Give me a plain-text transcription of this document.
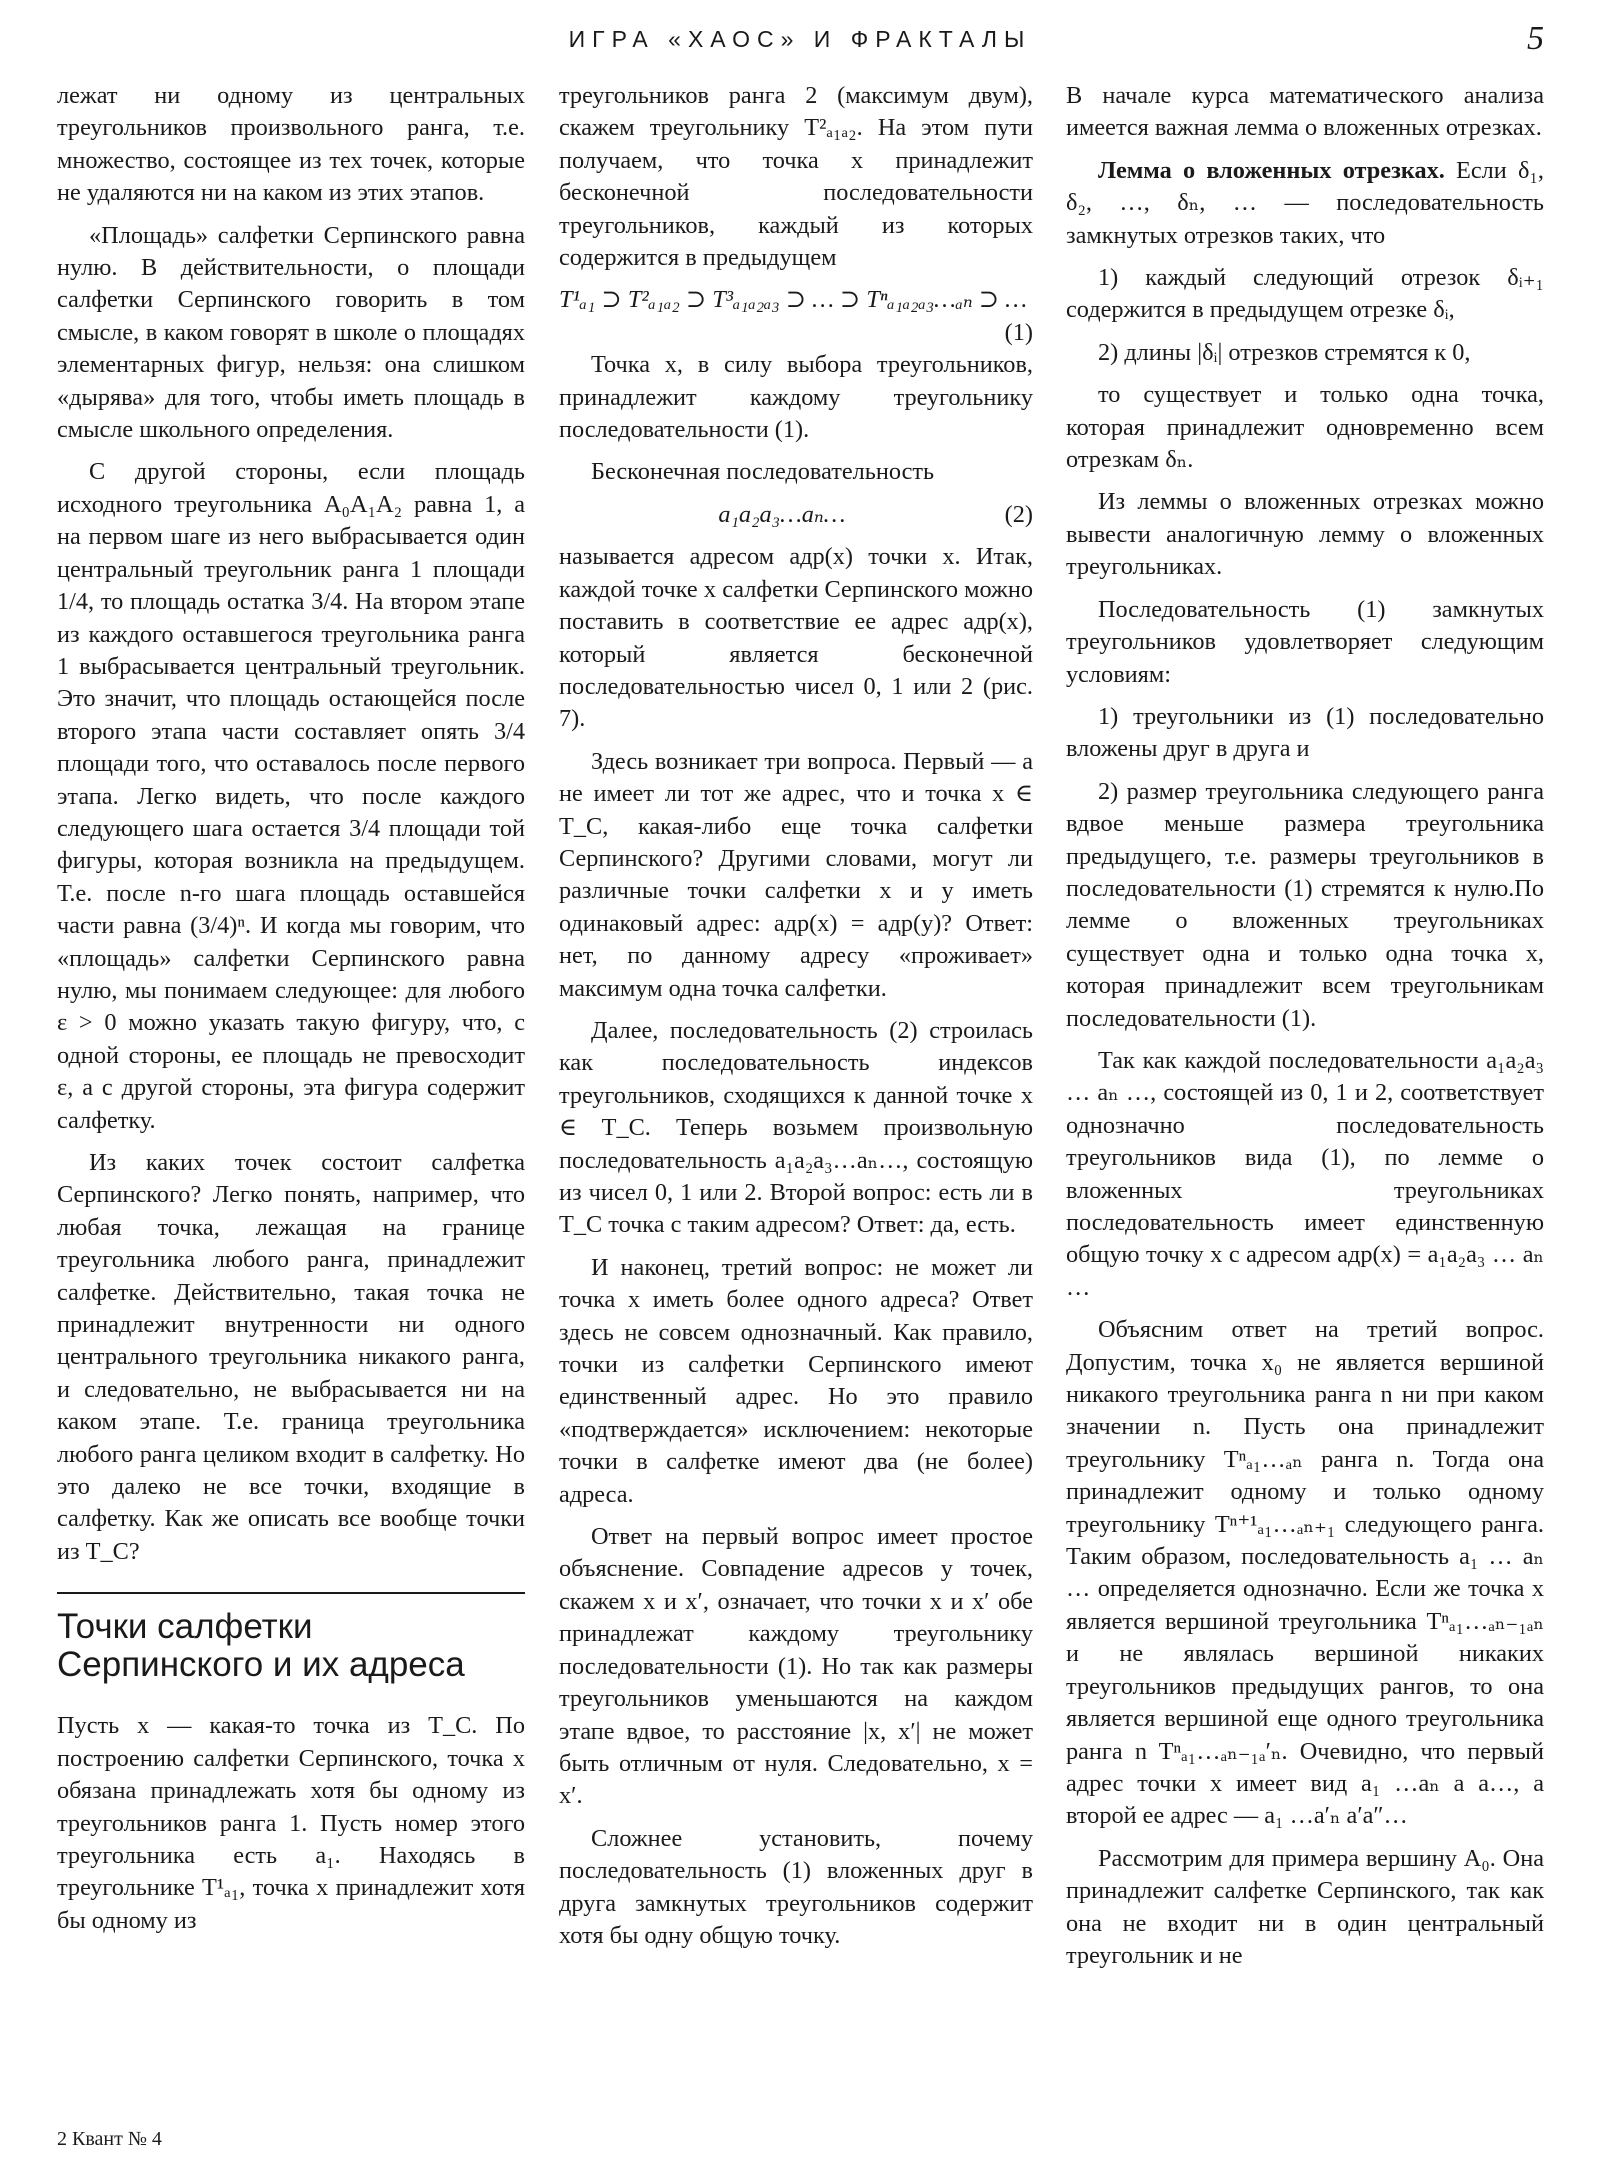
ИГРА «ХАОС» И ФРАКТАЛЫ	5

лежат ни одному из центральных треугольников произвольного ранга, т.е. множество, состоящее из тех точек, которые не удаляются ни на каком из этих этапов.

«Площадь» салфетки Серпинского равна нулю. В действительности, о площади салфетки Серпинского говорить в том смысле, в каком говорят в школе о площадях элементарных фигур, нельзя: она слишком «дырява» для того, чтобы иметь площадь в смысле школьного определения.

С другой стороны, если площадь исходного треугольника A₀A₁A₂ равна 1, а на первом шаге из него выбрасывается один центральный треугольник ранга 1 площади 1/4, то площадь остатка 3/4. На втором этапе из каждого оставшегося треугольника ранга 1 выбрасывается центральный треугольник. Это значит, что площадь остающейся после второго этапа части составляет опять 3/4 площади того, что оставалось после первого этапа. Легко видеть, что после каждого следующего шага остается 3/4 площади той фигуры, которая возникла на предыдущем. Т.е. после n-го шага площадь оставшейся части равна (3/4)ⁿ. И когда мы говорим, что «площадь» салфетки Серпинского равна нулю, мы понимаем следующее: для любого ε > 0 можно указать такую фигуру, что, с одной стороны, ее площадь не превосходит ε, а с другой стороны, эта фигура содержит салфетку.

Из каких точек состоит салфетка Серпинского? Легко понять, например, что любая точка, лежащая на границе треугольника любого ранга, принадлежит салфетке. Действительно, такая точка не принадлежит внутренности ни одного центрального треугольника никакого ранга, и следовательно, не выбрасывается ни на каком этапе. Т.е. граница треугольника любого ранга целиком входит в салфетку. Но это далеко не все точки, входящие в салфетку. Как же описать все вообще точки из T_C?

Точки салфетки
Серпинского и их адреса

Пусть x — какая-то точка из T_C. По построению салфетки Серпинского, точка x обязана принадлежать хотя бы одному из треугольников ранга 1. Пусть номер этого треугольника есть a₁. Находясь в треугольнике T¹ₐ₁, точка x принадлежит хотя бы одному из

треугольников ранга 2 (максимум двум), скажем треугольнику T²ₐ₁ₐ₂. На этом пути получаем, что точка x принадлежит бесконечной последовательности треугольников, каждый из которых содержится в предыдущем

T¹ₐ₁ ⊃ T²ₐ₁ₐ₂ ⊃ T³ₐ₁ₐ₂ₐ₃ ⊃ … ⊃ Tⁿₐ₁ₐ₂ₐ₃…ₐₙ ⊃ …

(1)

Точка x, в силу выбора треугольников, принадлежит каждому треугольнику последовательности (1).

Бесконечная последовательность

a₁a₂a₃…aₙ…	(2)

называется адресом адр(x) точки x. Итак, каждой точке x салфетки Серпинского можно поставить в соответствие ее адрес адр(x), который является бесконечной последовательностью чисел 0, 1 или 2 (рис. 7).

Здесь возникает три вопроса. Первый — а не имеет ли тот же адрес, что и точка x ∈ T_C, какая-либо еще точка салфетки Серпинского? Другими словами, могут ли различные точки салфетки x и y иметь одинаковый адрес: адр(x) = адр(y)? Ответ: нет, по данному адресу «проживает» максимум одна точка салфетки.

Далее, последовательность (2) строилась как последовательность индексов треугольников, сходящихся к данной точке x ∈ T_C. Теперь возьмем произвольную последовательность a₁a₂a₃…aₙ…, состоящую из чисел 0, 1 или 2. Второй вопрос: есть ли в T_C точка с таким адресом? Ответ: да, есть.

И наконец, третий вопрос: не может ли точка x иметь более одного адреса? Ответ здесь не совсем однозначный. Как правило, точки из салфетки Серпинского имеют единственный адрес. Но это правило «подтверждается» исключением: некоторые точки в салфетке имеют два (не более) адреса.

Ответ на первый вопрос имеет простое объяснение. Совпадение адресов у точек, скажем x и x′, означает, что точки x и x′ обе принадлежат каждому треугольнику последовательности (1). Но так как размеры треугольников уменьшаются на каждом этапе вдвое, то расстояние |x, x′| не может быть отличным от нуля. Следовательно, x = x′.

Сложнее установить, почему последовательность (1) вложенных друг в друга замкнутых треугольников содержит хотя бы одну общую точку.

В начале курса математического анализа имеется важная лемма о вложенных отрезках.

Лемма о вложенных отрезках. Если δ₁, δ₂, …, δₙ, … — последовательность замкнутых отрезков таких, что

1) каждый следующий отрезок δᵢ₊₁ содержится в предыдущем отрезке δᵢ,

2) длины |δᵢ| отрезков стремятся к 0,

то существует и только одна точка, которая принадлежит одновременно всем отрезкам δₙ.

Из леммы о вложенных отрезках можно вывести аналогичную лемму о вложенных треугольниках.

Последовательность (1) замкнутых треугольников удовлетворяет следующим условиям:

1) треугольники из (1) последовательно вложены друг в друга и

2) размер треугольника следующего ранга вдвое меньше размера треугольника предыдущего, т.е. размеры треугольников в последовательности (1) стремятся к нулю.По лемме о вложенных треугольниках существует одна и только одна точка x, которая принадлежит всем треугольникам последовательности (1).

Так как каждой последовательности a₁a₂a₃ … aₙ …, состоящей из 0, 1 и 2, соответствует однозначно последовательность треугольников вида (1), по лемме о вложенных треугольниках последовательность имеет единственную общую точку x с адресом адр(x) = a₁a₂a₃ … aₙ …

Объясним ответ на третий вопрос. Допустим, точка x₀ не является вершиной никакого треугольника ранга n ни при каком значении n. Пусть она принадлежит треугольнику Tⁿₐ₁…ₐₙ ранга n. Тогда она принадлежит одному и только одному треугольнику Tⁿ⁺¹ₐ₁…ₐₙ₊₁ следующего ранга. Таким образом, последовательность a₁ … aₙ … определяется однозначно. Если же точка x является вершиной треугольника Tⁿₐ₁…ₐₙ₋₁ₐₙ и не являлась вершиной никаких треугольников предыдущих рангов, то она является вершиной еще одного треугольника ранга n Tⁿₐ₁…ₐₙ₋₁ₐ′ₙ. Очевидно, что первый адрес точки x имеет вид a₁ …aₙ a a…, а второй ее адрес — a₁ …a′ₙ a′a″…

Рассмотрим для примера вершину A₀. Она принадлежит салфетке Серпинского, так как она не входит ни в один центральный треугольник и не

2 Квант № 4
